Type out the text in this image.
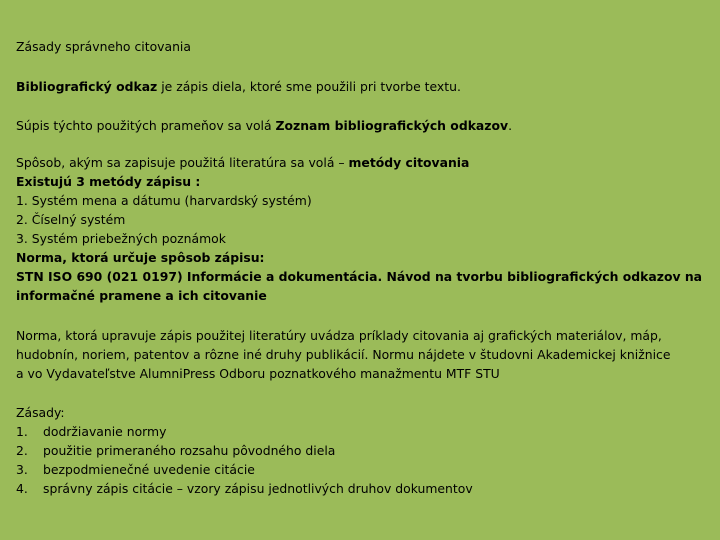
Zásady správneho citovania
Bibliografický odkaz je zápis diela, ktoré sme použili pri tvorbe textu.
Súpis týchto použitých prameňov sa volá Zoznam bibliografických odkazov.
Spôsob, akým sa zapisuje použitá literatúra sa volá – metódy citovania
Existujú 3 metódy zápisu :
1. Systém mena a dátumu (harvardský systém)
2. Číselný systém
3. Systém priebežných poznámok
Norma, ktorá určuje spôsob zápisu:
STN ISO 690 (021 0197) Informácie a dokumentácia. Návod na tvorbu bibliografických odkazov na
informačné pramene a ich citovanie
Norma, ktorá upravuje zápis použitej literatúry uvádza príklady citovania aj grafických materiálov, máp,
hudobnín, noriem, patentov a rôzne iné druhy publikácií. Normu nájdete v študovni Akademickej knižnice
a vo Vydavateľstve AlumniPress Odboru poznatkového manažmentu MTF STU
Zásady:
1.	dodržiavanie normy
2.	použitie primeraného rozsahu pôvodného diela
3.	bezpodmienečné uvedenie citácie
4.	správny zápis citácie – vzory zápisu jednotlivých druhov dokumentov
